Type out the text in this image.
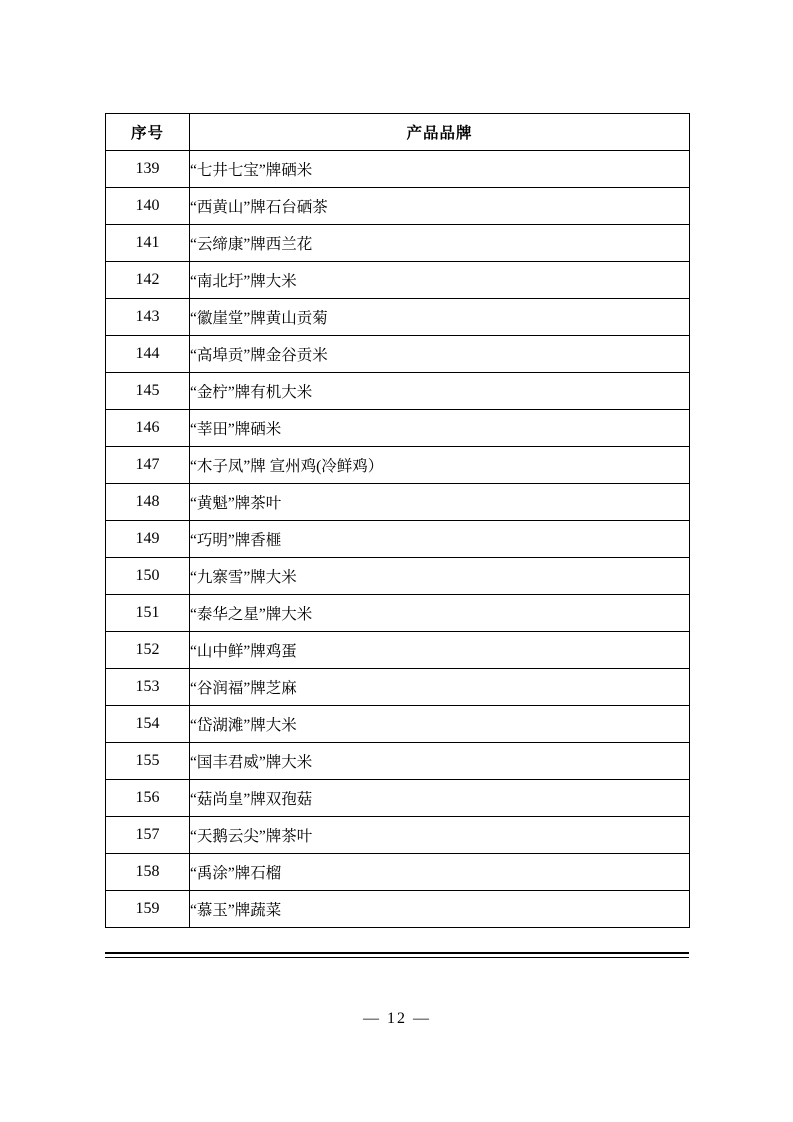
序号	产品品牌
139	“七井七宝”牌硒米
140	“西黄山”牌石台硒茶
141	“云缔康”牌西兰花
142	“南北圩”牌大米
143	“徽崖堂”牌黄山贡菊
144	“高埠贡”牌金谷贡米
145	“金柠”牌有机大米
146	“莘田”牌硒米
147	“木子凤”牌 宣州鸡(冷鲜鸡）
148	“黄魁”牌茶叶
149	“巧明”牌香榧
150	“九寨雪”牌大米
151	“泰华之星”牌大米
152	“山中鲜”牌鸡蛋
153	“谷润福”牌芝麻
154	“岱湖滩”牌大米
155	“国丰君威”牌大米
156	“菇尚皇”牌双孢菇
157	“天鹅云尖”牌茶叶
158	“禹涂”牌石榴
159	“慕玉”牌蔬菜
— 12 —
